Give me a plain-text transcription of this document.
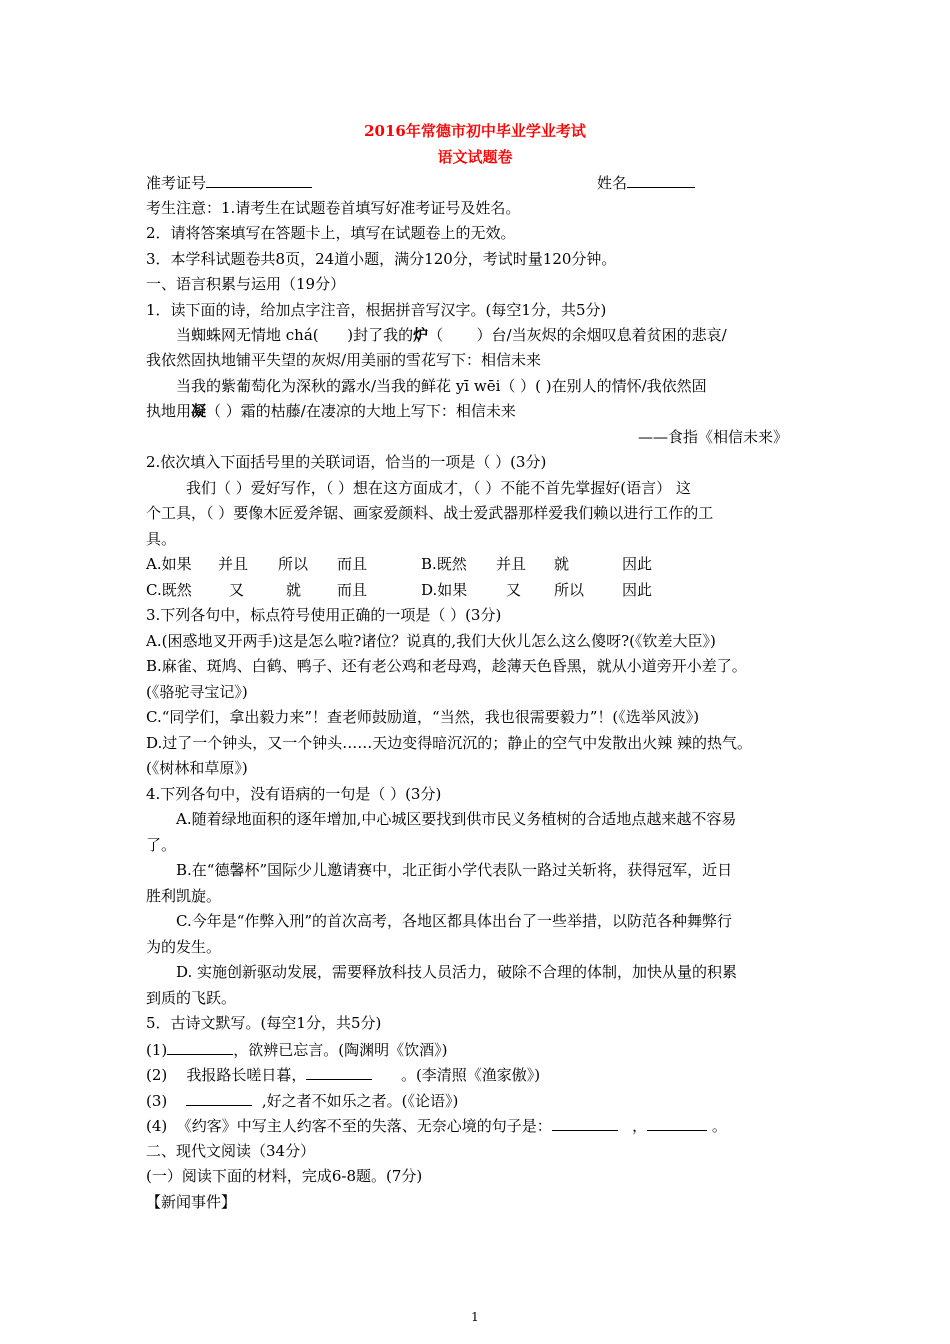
2016年常德市初中毕业学业考试
语文试题卷
准考证号	姓名
考生注意：1.请考生在试题卷首填写好准考证号及姓名。
2．请将答案填写在答题卡上，填写在试题卷上的无效。
3．本学科试题卷共8页，24道小题，满分120分，考试时量120分钟。
一、语言积累与运用（19分）
1．读下面的诗，给加点字注音，根据拼音写汉字。(每空1分，共5分)
当蜘蛛网无情地 chá( )封了我的炉（ ）台/当灰烬的余烟叹息着贫困的悲哀/
我依然固执地铺平失望的灰烬/用美丽的雪花写下：相信未来
当我的紫葡萄化为深秋的露水/当我的鲜花 yī wēi（ ）( )在别人的情怀/我依然固
执地用凝（ ）霜的枯藤/在凄凉的大地上写下：相信未来
——食指《相信未来》
2.依次填入下面括号里的关联词语，恰当的一项是（ ）(3分)
我们（ ）爱好写作，（ ）想在这方面成才，（ ）不能不首先掌握好(语言） 这
个工具，（ ）要像木匠爱斧锯、画家爱颜料、战士爱武器那样爱我们赖以进行工作的工
具。
A.如果 并且 所以 而且	B.既然 并且 就	因此
C.既然 又	就 而且	D.如果	又 所以	因此
3.下列各句中，标点符号使用正确的一项是（ ）(3分)
A.(困惑地叉开两手)这是怎么啦?诸位？说真的,我们大伙儿怎么这么傻呀?(《钦差大臣》)
B.麻雀、斑鸠、白鹤、鸭子、还有老公鸡和老母鸡，趁薄天色昏黑，就从小道旁开小差了。
(《骆驼寻宝记》)
C.“同学们，拿出毅力来”！查老师鼓励道，“当然，我也很需要毅力”！(《选举风波》)
D.过了一个钟头，又一个钟头……天边变得暗沉沉的；静止的空气中发散出火辣 辣的热气。
(《树林和草原》)
4.下列各句中，没有语病的一句是（ ）(3分)
A.随着绿地面积的逐年增加,中心城区要找到供市民义务植树的合适地点越来越不容易
了。
B.在“德馨杯”国际少儿邀请赛中，北正街小学代表队一路过关斩将，获得冠军，近日
胜利凯旋。
C.今年是“作弊入刑”的首次高考，各地区都具体出台了一些举措，以防范各种舞弊行
为的发生。
D. 实施创新驱动发展，需要释放科技人员活力，破除不合理的体制，加快从量的积累
到质的飞跃。
5．古诗文默写。(每空1分，共5分)
(1)	，欲辨已忘言。(陶渊明《饮酒》)
(2) 我报路长嗟日暮，	。(李清照《渔家傲》)
(3)	,好之者不如乐之者。(《论语》)
(4) 《约客》中写主人约客不至的失落、无奈心境的句子是：	，	。
二、现代文阅读（34分）
(一）阅读下面的材料，完成6-8题。(7分)
【新闻事件】
1
